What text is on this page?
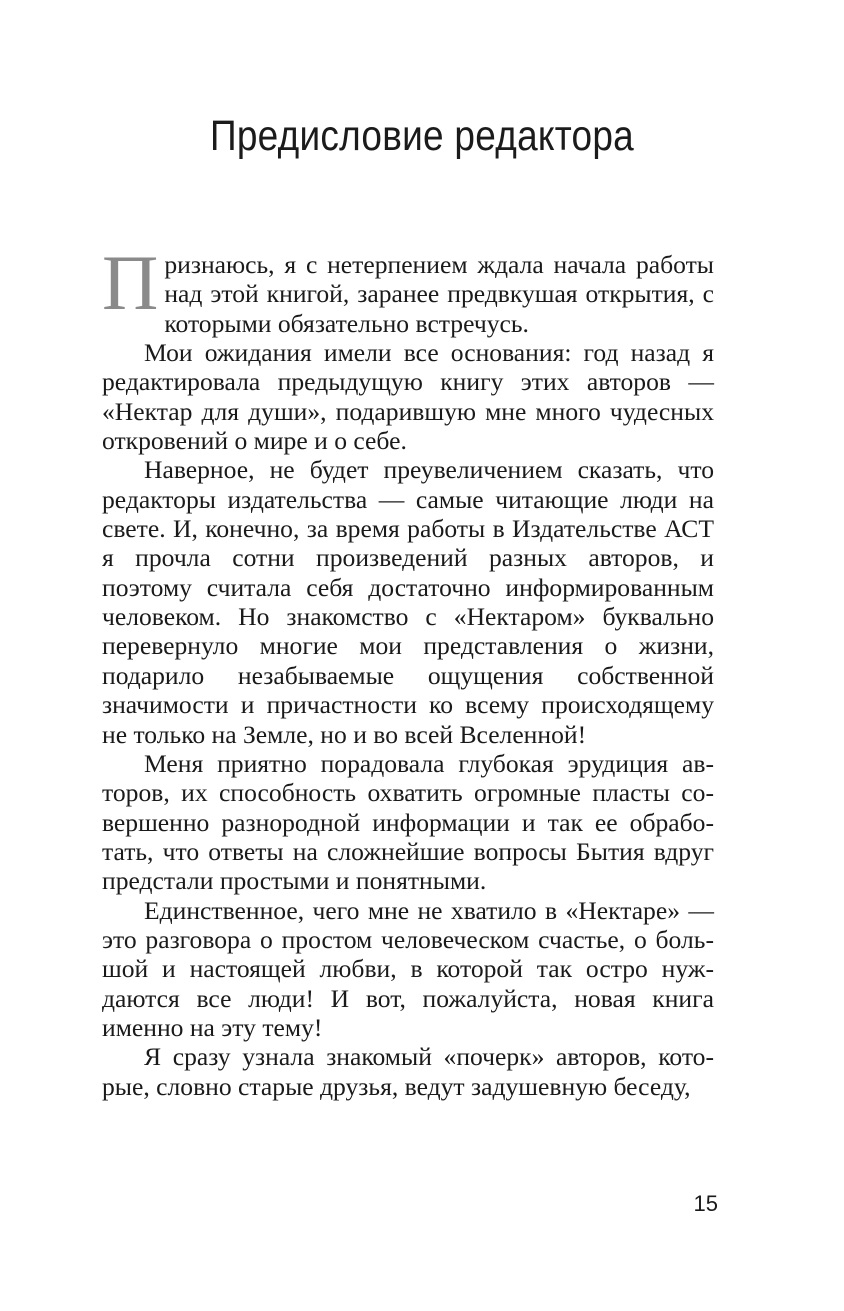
Предисловие редактора

Признаюсь, я с нетерпением ждала начала работы над этой книгой, заранее предвкушая открытия, с которыми обязательно встречусь.

Мои ожидания имели все основания: год назад я редактировала предыдущую книгу этих авторов — «Нектар для души», подарившую мне много чудесных откровений о мире и о себе.

Наверное, не будет преувеличением сказать, что редакторы издательства — самые читающие люди на свете. И, конечно, за время работы в Издательстве АСТ я прочла сотни произведений разных авторов, и поэтому считала себя достаточно информированным человеком. Но знакомство с «Нектаром» буквально перевернуло многие мои представления о жизни, подарило незабываемые ощущения собственной значимости и причастности ко всему происходящему не только на Земле, но и во всей Вселенной!

Меня приятно порадовала глубокая эрудиция авторов, их способность охватить огромные пласты совершенно разнородной информации и так ее обработать, что ответы на сложнейшие вопросы Бытия вдруг предстали простыми и понятными.

Единственное, чего мне не хватило в «Нектаре» — это разговора о простом человеческом счастье, о большой и настоящей любви, в которой так остро нуждаются все люди! И вот, пожалуйста, новая книга именно на эту тему!

Я сразу узнала знакомый «почерк» авторов, которые, словно старые друзья, ведут задушевную беседу,

15
